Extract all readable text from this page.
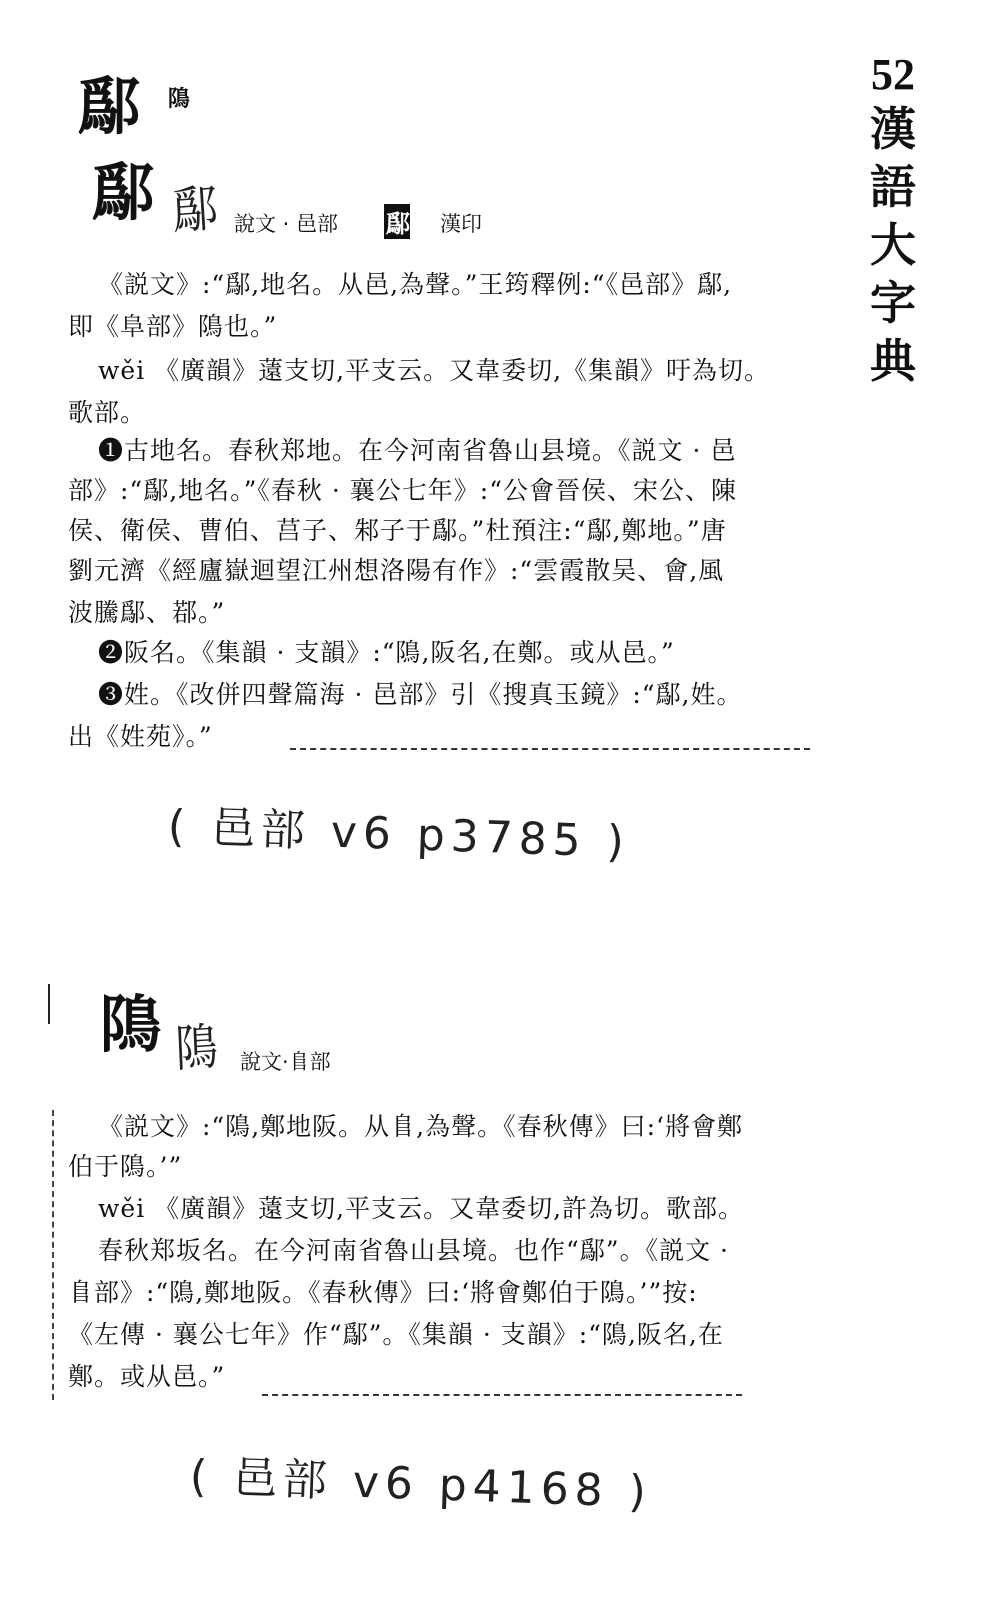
52
漢
語
大
字
典
鄬 隝
鄬 鄬 說文 · 邑部 鄬 漢印
《説文》:“鄬,地名。从邑,為聲。”王筠釋例:“《邑部》鄬,
即《阜部》隝也。”
wěi 《廣韻》薳支切,平支云。又韋委切,《集韻》吁為切。
歌部。
❶古地名。春秋郑地。在今河南省魯山县境。《説文 · 邑
部》:“鄬,地名。”《春秋 · 襄公七年》:“公會晉侯、宋公、陳
侯、衛侯、曹伯、莒子、邾子于鄬。”杜預注:“鄬,鄭地。”唐
劉元濟《經廬嶽迴望江州想洛陽有作》:“雲霞散吴、會,風
波騰鄬、鄀。”
❷阪名。《集韻 · 支韻》:“隝,阪名,在鄭。或从邑。”
❸姓。《改併四聲篇海 · 邑部》引《搜真玉鏡》:“鄬,姓。
出《姓苑》。”
( 邑部 v6 p3785 )
隝 隝 說文·𨸏部
《説文》:“隝,鄭地阪。从𨸏,為聲。《春秋傳》曰:‘將會鄭
伯于隝。’”
wěi 《廣韻》薳支切,平支云。又韋委切,許為切。歌部。
春秋郑坂名。在今河南省魯山县境。也作“鄬”。《説文 ·
𨸏部》:“隝,鄭地阪。《春秋傳》曰:‘將會鄭伯于隝。’”按:
《左傳 · 襄公七年》作“鄬”。《集韻 · 支韻》:“隝,阪名,在
鄭。或从邑。”
( 邑部 v6 p4168 )
